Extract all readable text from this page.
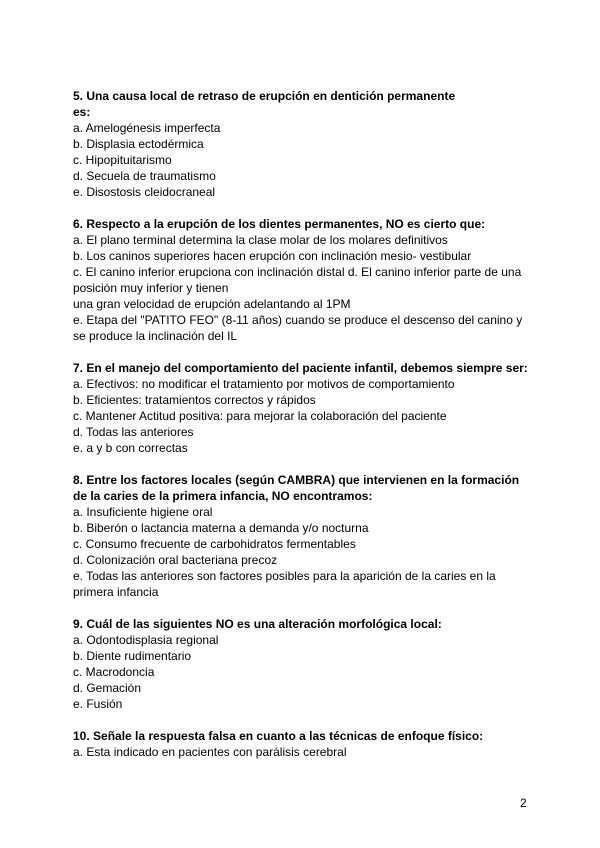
5. Una causa local de retraso de erupción en dentición permanente es:

a. Amelogénesis imperfecta

b. Displasia ectodérmica

c. Hipopituitarismo

d. Secuela de traumatismo

e. Disostosis cleidocraneal

6. Respecto a la erupción de los dientes permanentes, NO es cierto que:

a. El plano terminal determina la clase molar de los molares definitivos

b. Los caninos superiores hacen erupción con inclinación mesio- vestibular

c. El canino inferior erupciona con inclinación distal d. El canino inferior parte de una posición muy inferior y tienen

una gran velocidad de erupción adelantando al 1PM

e. Etapa del "PATITO FEO" (8-11 años) cuando se produce el descenso del canino y se produce la inclinación del IL

7. En el manejo del comportamiento del paciente infantil, debemos siempre ser:

a. Efectivos: no modificar el tratamiento por motivos de comportamiento

b. Eficientes: tratamientos correctos y rápidos

c. Mantener Actitud positiva: para mejorar la colaboración del paciente

d. Todas las anteriores

e. a y b con correctas

8. Entre los factores locales (según CAMBRA) que intervienen en la formación de la caries de la primera infancia, NO encontramos:

a. Insuficiente higiene oral

b. Biberón o lactancia materna a demanda y/o nocturna

c. Consumo frecuente de carbohidratos fermentables

d. Colonización oral bacteriana precoz

e. Todas las anteriores son factores posibles para la aparición de la caries en la primera infancia

9. Cuál de las siguientes NO es una alteración morfológica local:

a. Odontodisplasia regional

b. Diente rudimentario

c. Macrodoncia

d. Gemación

e. Fusión

10. Señale la respuesta falsa en cuanto a las técnicas de enfoque físico:

a. Esta indicado en pacientes con parálisis cerebral

2
